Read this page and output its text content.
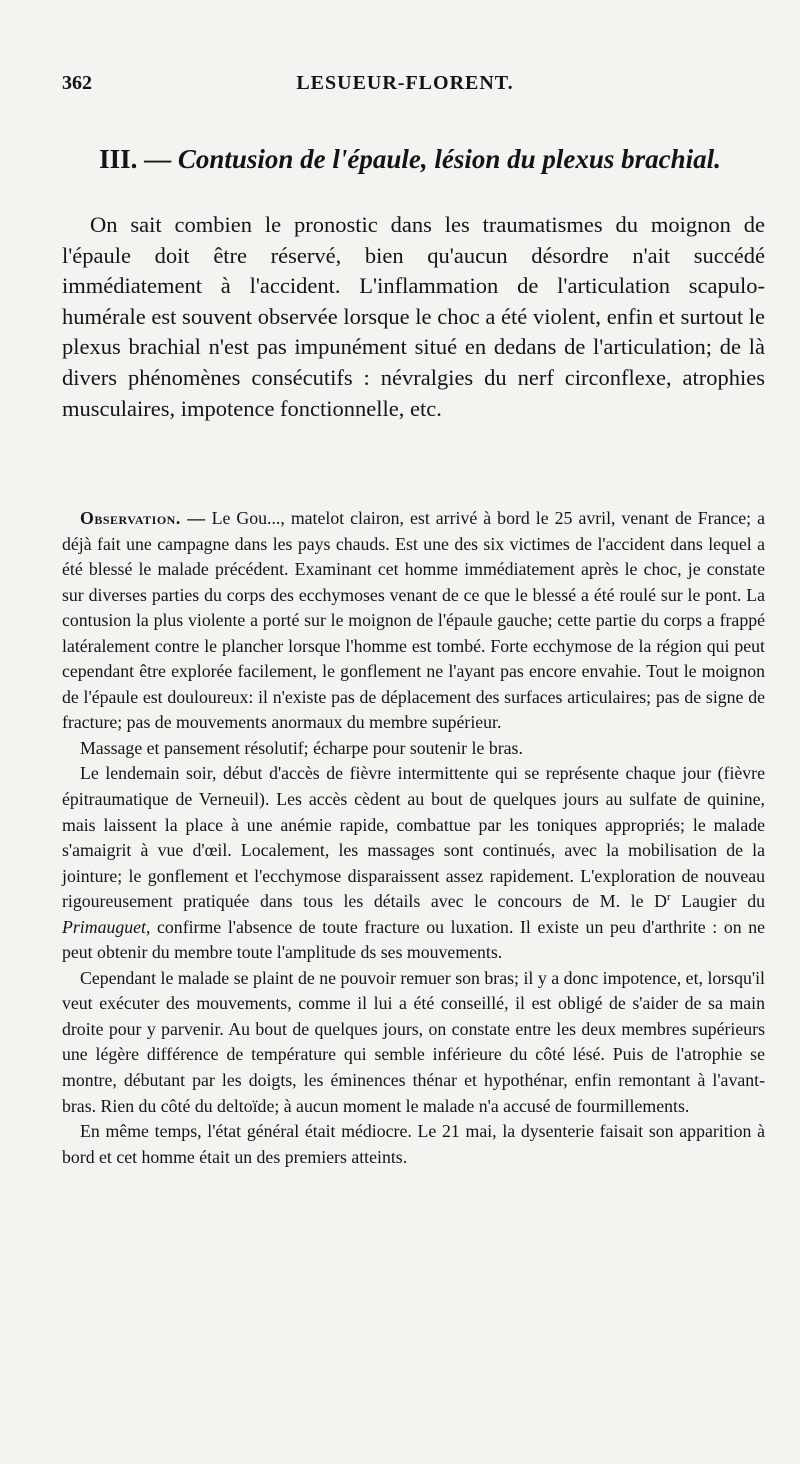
362	LESUEUR-FLORENT.
III. — Contusion de l'épaule, lésion du plexus brachial.

On sait combien le pronostic dans les traumatismes du moignon de l'épaule doit être réservé, bien qu'aucun désordre n'ait succédé immédiatement à l'accident. L'inflammation de l'articulation scapulo-humérale est souvent observée lorsque le choc a été violent, enfin et surtout le plexus brachial n'est pas impunément situé en dedans de l'articulation; de là divers phénomènes consécutifs : névralgies du nerf circonflexe, atrophies musculaires, impotence fonctionnelle, etc.

Observation. — Le Gou..., matelot clairon, est arrivé à bord le 25 avril, venant de France; a déjà fait une campagne dans les pays chauds. Est une des six victimes de l'accident dans lequel a été blessé le malade précédent. Examinant cet homme immédiatement après le choc, je constate sur diverses parties du corps des ecchymoses venant de ce que le blessé a été roulé sur le pont. La contusion la plus violente a porté sur le moignon de l'épaule gauche; cette partie du corps a frappé latéralement contre le plancher lorsque l'homme est tombé. Forte ecchymose de la région qui peut cependant être explorée facilement, le gonflement ne l'ayant pas encore envahie. Tout le moignon de l'épaule est douloureux: il n'existe pas de déplacement des surfaces articulaires; pas de signe de fracture; pas de mouvements anormaux du membre supérieur.

Massage et pansement résolutif; écharpe pour soutenir le bras.

Le lendemain soir, début d'accès de fièvre intermittente qui se représente chaque jour (fièvre épitraumatique de Verneuil). Les accès cèdent au bout de quelques jours au sulfate de quinine, mais laissent la place à une anémie rapide, combattue par les toniques appropriés; le malade s'amaigrit à vue d'œil. Localement, les massages sont continués, avec la mobilisation de la jointure; le gonflement et l'ecchymose disparaissent assez rapidement. L'exploration de nouveau rigoureusement pratiquée dans tous les détails avec le concours de M. le $D^r$ Laugier du Primauguet, confirme l'absence de toute fracture ou luxation. Il existe un peu d'arthrite : on ne peut obtenir du membre toute l'amplitude ds ses mouvements.

Cependant le malade se plaint de ne pouvoir remuer son bras; il y a donc impotence, et, lorsqu'il veut exécuter des mouvements, comme il lui a été conseillé, il est obligé de s'aider de sa main droite pour y parvenir. Au bout de quelques jours, on constate entre les deux membres supérieurs une légère différence de température qui semble inférieure du côté lésé. Puis de l'atrophie se montre, débutant par les doigts, les éminences thénar et hypothénar, enfin remontant à l'avant-bras. Rien du côté du deltoïde; à aucun moment le malade n'a accusé de fourmillements.

En même temps, l'état général était médiocre. Le 21 mai, la dysenterie faisait son apparition à bord et cet homme était un des premiers atteints.
